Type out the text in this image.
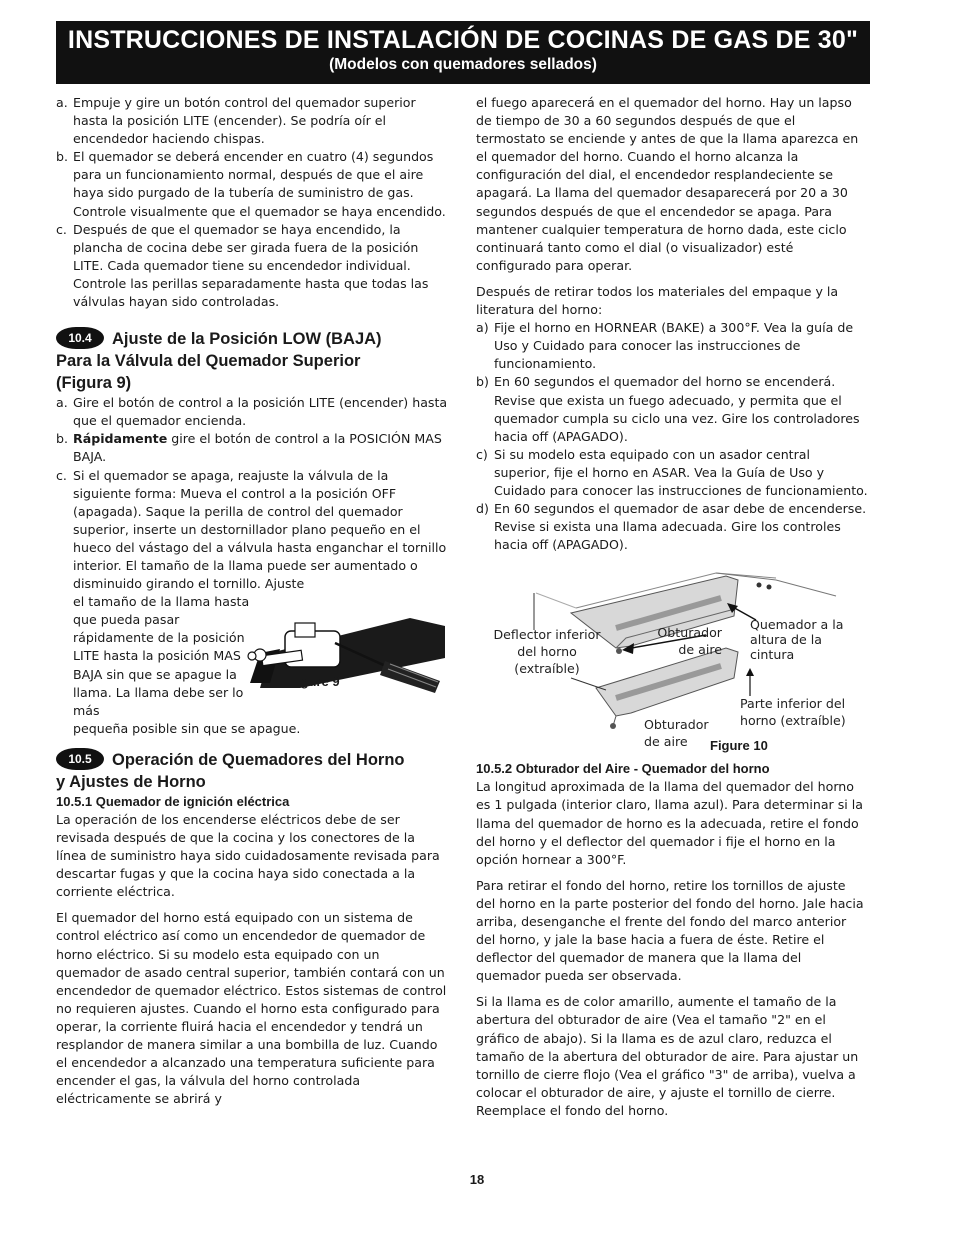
INSTRUCCIONES DE INSTALACIÓN DE COCINAS DE GAS DE 30"
(Modelos con quemadores sellados)
a. Empuje y gire un botón control del quemador superior hasta la posición LITE (encender). Se podría oír el encendedor haciendo chispas.
b. El quemador se deberá encender en cuatro (4) segundos para un funcionamiento normal, después de que el aire haya sido purgado de la tubería de suministro de gas. Controle visualmente que el quemador se haya encendido.
c. Después de que el quemador se haya encendido, la plancha de cocina debe ser girada fuera de la posición LITE. Cada quemador tiene su encendedor individual. Controle las perillas separadamente hasta que todas las válvulas hayan sido controladas.
10.4 Ajuste de la Posición LOW (BAJA)
Para la Válvula del Quemador Superior
(Figura 9)
a. Gire el botón de control a la posición LITE (encender) hasta que el quemador encienda.
b. Rápidamente gire el botón de control a la POSICIÓN MAS BAJA.
c. Si el quemador se apaga, reajuste la válvula de la siguiente forma: Mueva el control a la posición OFF (apagada). Saque la perilla de control del quemador superior, inserte un destornillador plano pequeño en el hueco del vástago del a válvula hasta enganchar el tornillo interior. El tamaño de la llama puede ser aumentado o disminuido girando el tornillo. Ajuste
el tamaño de la llama hasta que pueda pasar rápidamente de la posición LITE hasta la posición MAS BAJA sin que se apague la llama. La llama debe ser lo más
pequeña posible sin que se apague.
10.5 Operación de Quemadores del Horno
y Ajustes de Horno
10.5.1 Quemador de ignición eléctrica
La operación de los encenderse eléctricos debe de ser revisada después de que la cocina y los conectores de la línea de suministro haya sido cuidadosamente revisada para descartar fugas y que la cocina haya sido conectada a la corriente eléctrica.
El quemador del horno está equipado con un sistema de control eléctrico así como un encendedor de quemador de horno eléctrico. Si su modelo esta equipado con un quemador de asado central superior, también contará con un encendedor de quemador eléctrico. Estos sistemas de control no requieren ajustes. Cuando el horno esta configurado para operar, la corriente fluirá hacia el encendedor y tendrá un resplandor de manera similar a una bombilla de luz. Cuando el encendedor a alcanzado una temperatura suficiente para encender el gas, la válvula del horno controlada eléctricamente se abrirá y
Figure 9
el fuego aparecerá en el quemador del horno. Hay un lapso de tiempo de 30 a 60 segundos después de que el termostato se enciende y antes de que la llama aparezca en el quemador del horno. Cuando el horno alcanza la configuración del dial, el encendedor resplandeciente se apagará. La llama del quemador desaparecerá por 20 a 30 segundos después de que el encendedor se apaga. Para mantener cualquier temperatura de horno dada, este ciclo continuará tanto como el dial (o visualizador) esté configurado para operar.
Después de retirar todos los materiales del empaque y la literatura del horno:
a) Fije el horno en HORNEAR (BAKE) a 300°F. Vea la guía de Uso y Cuidado para conocer las instrucciones de funcionamiento.
b) En 60 segundos el quemador del horno se encenderá. Revise que exista un fuego adecuado, y permita que el quemador cumpla su ciclo una vez. Gire los controladores hacia off (APAGADO).
c) Si su modelo esta equipado con un asador central superior, fije el horno en ASAR. Vea la Guía de Uso y Cuidado para conocer las instrucciones de funcionamiento.
d) En 60 segundos el quemador de asar debe de encenderse. Revise si exista una llama adecuada. Gire los controles hacia off (APAGADO).
10.5.2 Obturador del Aire - Quemador del horno
La longitud aproximada de la llama del quemador del horno es 1 pulgada (interior claro, llama azul). Para determinar si la llama del quemador de horno es la adecuada, retire el fondo del horno y el deflector del quemador i fije el horno en la opción hornear a 300°F.
Para retirar el fondo del horno, retire los tornillos de ajuste del horno en la parte posterior del fondo del horno. Jale hacia arriba, desenganche el frente del fondo del marco anterior del horno, y jale la base hacia a fuera de éste. Retire el deflector del quemador de manera que la llama del quemador pueda ser observada.
Si la llama es de color amarillo, aumente el tamaño de la abertura del obturador de aire (Vea el tamaño "2" en el gráfico de abajo). Si la llama es de azul claro, reduzca el tamaño de la abertura del obturador de aire. Para ajustar un tornillo de cierre flojo (Vea el gráfico "3" de arriba), vuelva a colocar el obturador de aire, y ajuste el tornillo de cierre. Reemplace el fondo del horno.
Deflector inferior del horno (extraíble)
Obturador de aire
Quemador a la altura de la cintura
Parte inferior del horno (extraíble)
Obturador de aire	Figure 10
18
